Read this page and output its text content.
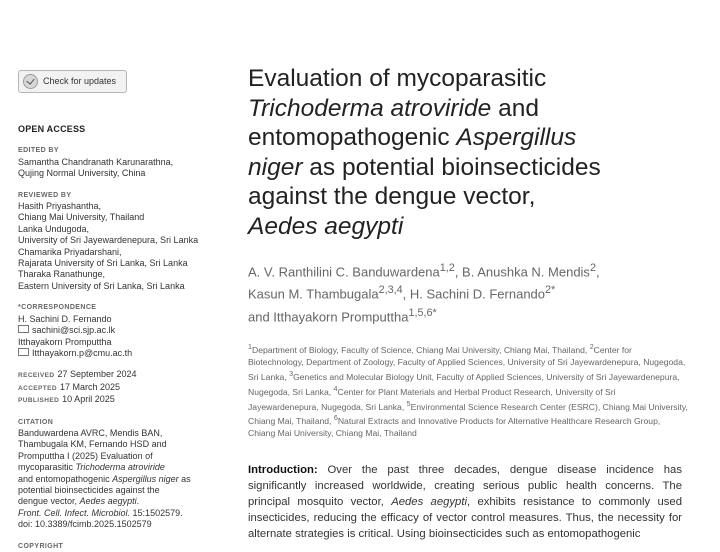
Check for updates
OPEN ACCESS
EDITED BY
Samantha Chandranath Karunarathna,
Qujing Normal University, China
REVIEWED BY
Hasith Priyashantha,
Chiang Mai University, Thailand
Lanka Undugoda,
University of Sri Jayewardenepura, Sri Lanka
Chamarika Priyadarshani,
Rajarata University of Sri Lanka, Sri Lanka
Tharaka Ranathunge,
Eastern University of Sri Lanka, Sri Lanka
*CORRESPONDENCE
H. Sachini D. Fernando
sachini@sci.sjp.ac.lk
Itthayakorn Promputtha
Itthayakorn.p@cmu.ac.th
RECEIVED 27 September 2024
ACCEPTED 17 March 2025
PUBLISHED 10 April 2025
CITATION
Banduwardena AVRC, Mendis BAN,
Thambugala KM, Fernando HSD and
Promputtha I (2025) Evaluation of
mycoparasitic Trichoderma atroviride
and entomopathogenic Aspergillus niger as
potential bioinsecticides against the
dengue vector, Aedes aegypti.
Front. Cell. Infect. Microbiol. 15:1502579.
doi: 10.3389/fcimb.2025.1502579
COPYRIGHT
Evaluation of mycoparasitic
Trichoderma atroviride and
entomopathogenic Aspergillus
niger as potential bioinsecticides
against the dengue vector,
Aedes aegypti
A. V. Ranthilini C. Banduwardena$^{1,2}$, B. Anushka N. Mendis$^2$,
Kasun M. Thambugala$^{2,3,4}$, H. Sachini D. Fernando$^{2*}$
and Itthayakorn Promputtha$^{1,5,6*}$
$^1$Department of Biology, Faculty of Science, Chiang Mai University, Chiang Mai, Thailand, $^2$Center for Biotechnology, Department of Zoology, Faculty of Applied Sciences, University of Sri Jayewardenepura, Nugegoda, Sri Lanka, $^3$Genetics and Molecular Biology Unit, Faculty of Applied Sciences, University of Sri Jayewardenepura, Nugegoda, Sri Lanka, $^4$Center for Plant Materials and Herbal Product Research, University of Sri Jayewardenepura, Nugegoda, Sri Lanka, $^5$Environmental Science Research Center (ESRC), Chiang Mai University, Chiang Mai, Thailand, $^6$Natural Extracts and Innovative Products for Alternative Healthcare Research Group, Chiang Mai University, Chiang Mai, Thailand
Introduction: Over the past three decades, dengue disease incidence has significantly increased worldwide, creating serious public health concerns. The principal mosquito vector, Aedes aegypti, exhibits resistance to commonly used insecticides, reducing the efficacy of vector control measures. Thus, the necessity for alternate strategies is critical. Using bioinsecticides such as entomopathogenic
